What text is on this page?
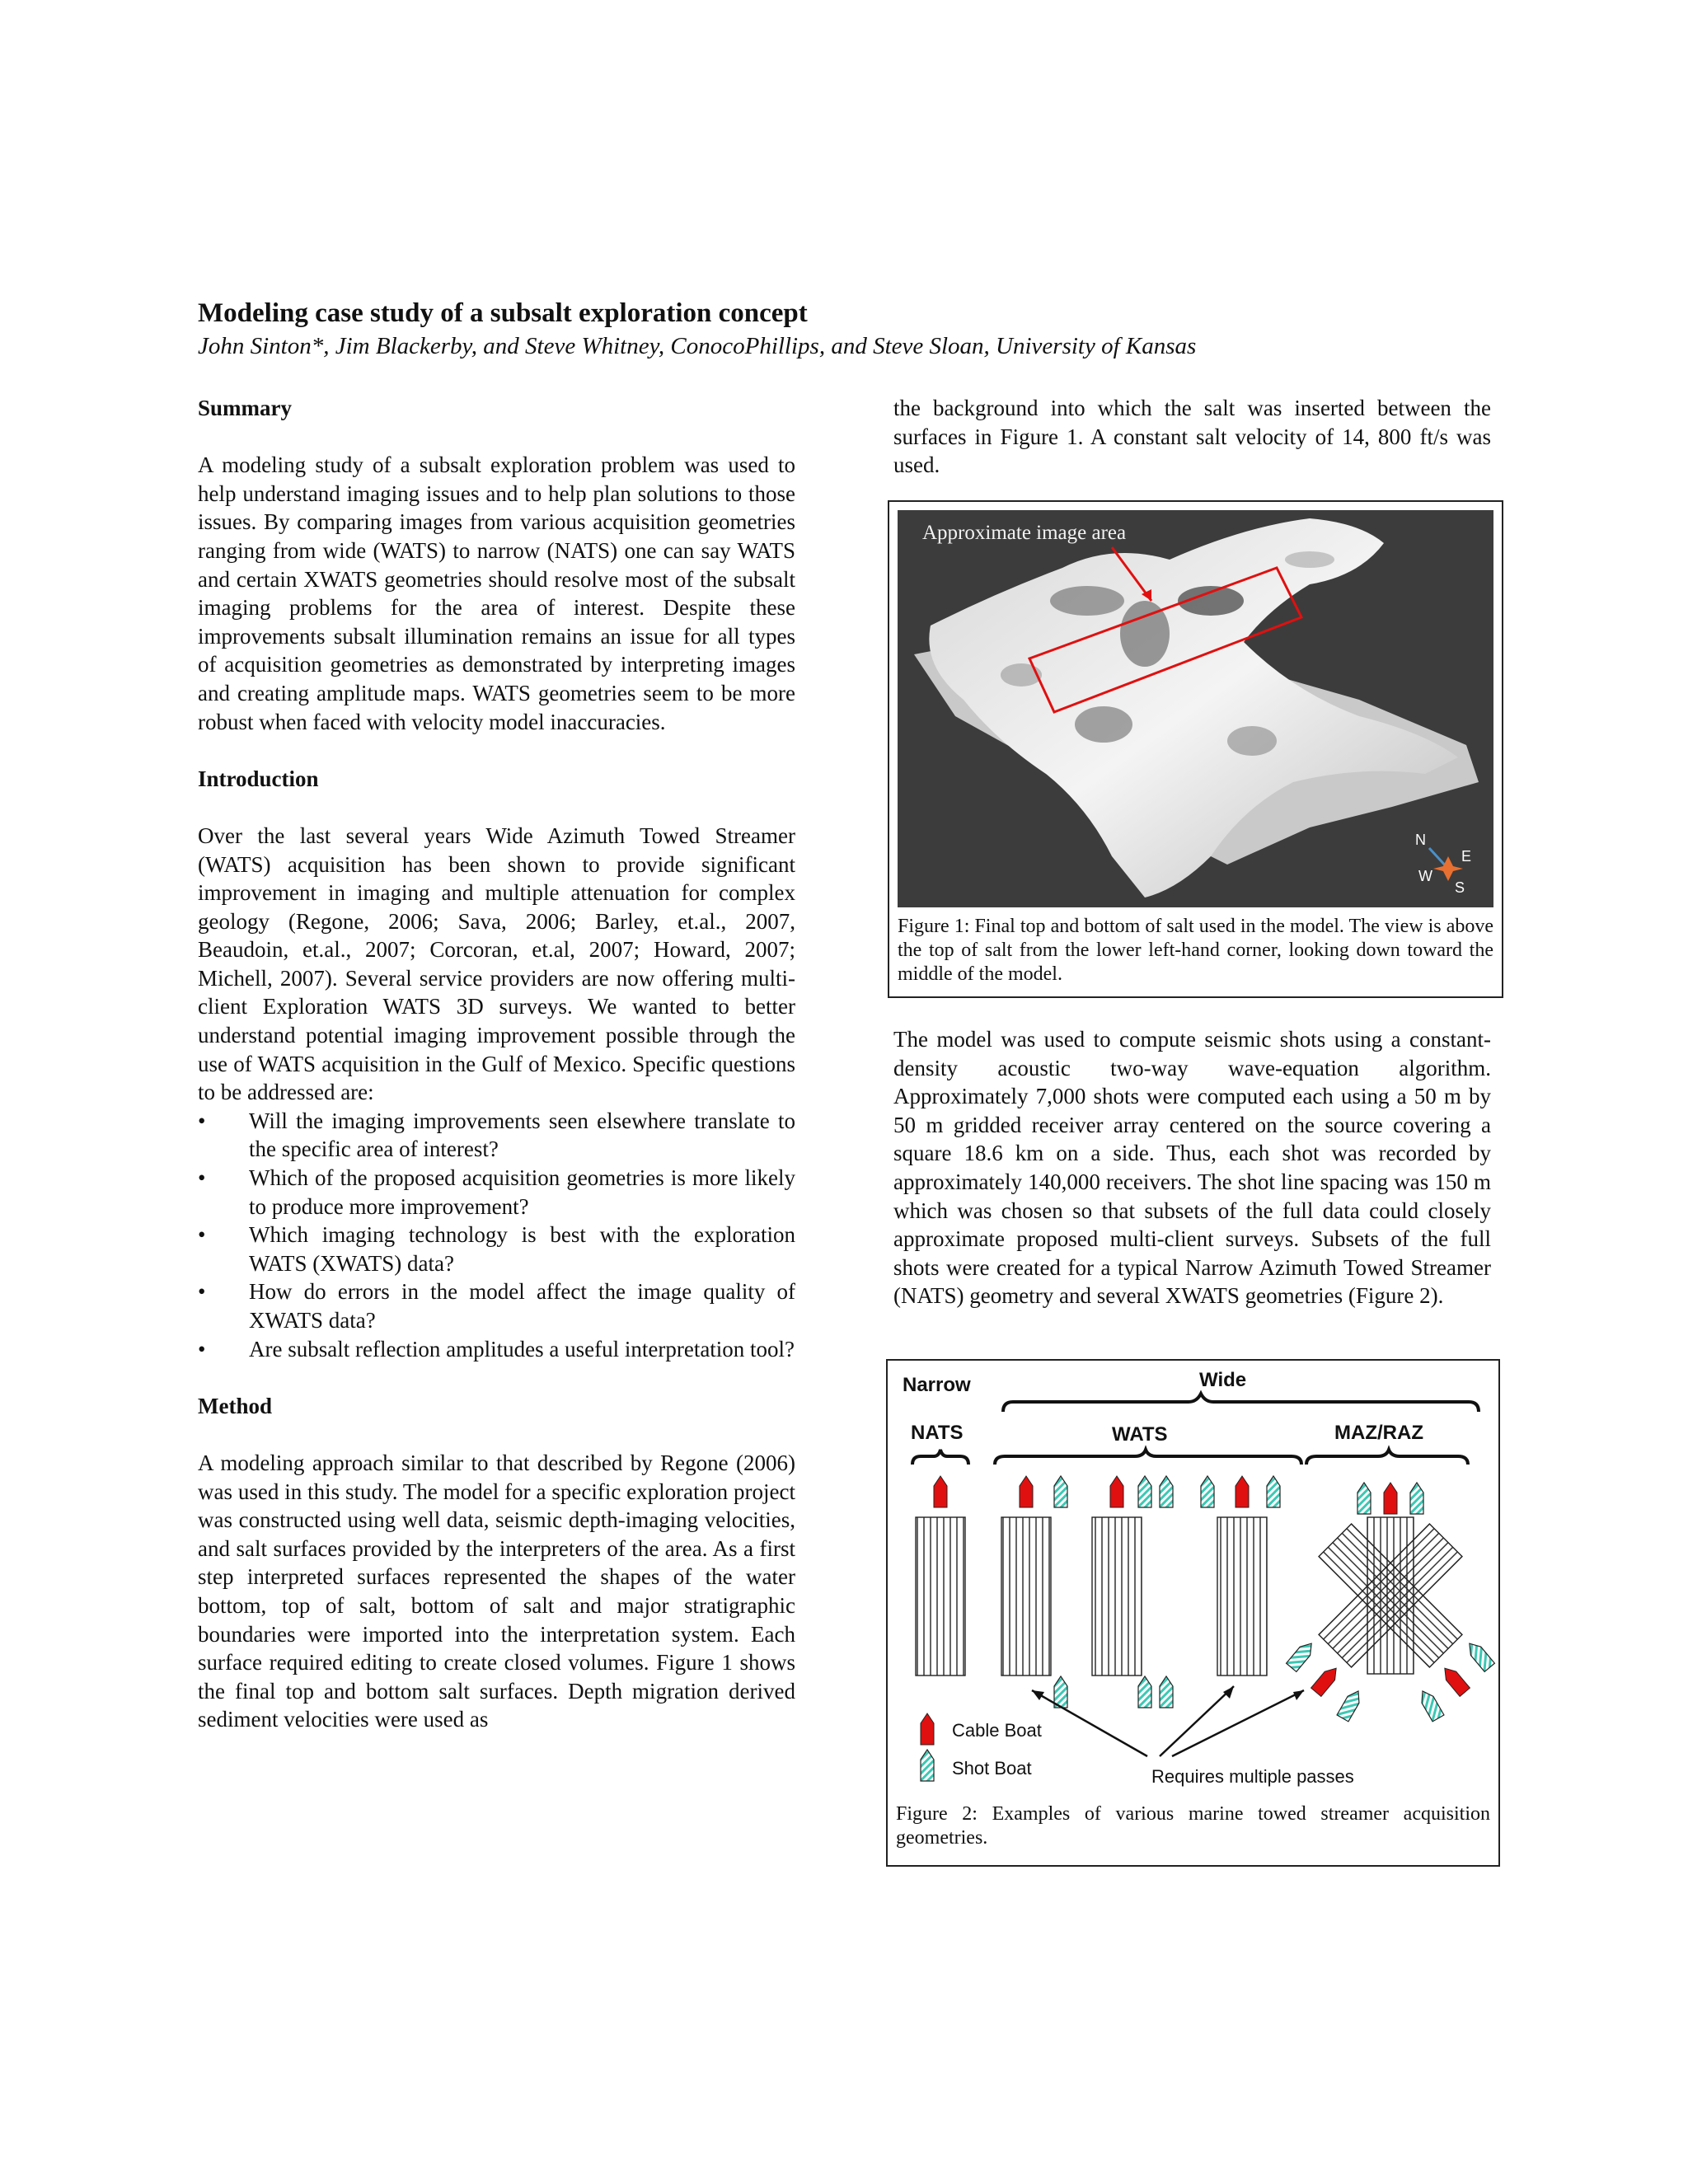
Modeling case study of a subsalt exploration concept
John Sinton*, Jim Blackerby, and Steve Whitney, ConocoPhillips, and Steve Sloan, University of Kansas
Summary

A modeling study of a subsalt exploration problem was used to help understand imaging issues and to help plan solutions to those issues. By comparing images from various acquisition geometries ranging from wide (WATS) to narrow (NATS) one can say WATS and certain XWATS geometries should resolve most of the subsalt imaging problems for the area of interest. Despite these improvements subsalt illumination remains an issue for all types of acquisition geometries as demonstrated by interpreting images and creating amplitude maps. WATS geometries seem to be more robust when faced with velocity model inaccuracies.

Introduction

Over the last several years Wide Azimuth Towed Streamer (WATS) acquisition has been shown to provide significant improvement in imaging and multiple attenuation for complex geology (Regone, 2006; Sava, 2006; Barley, et.al., 2007, Beaudoin, et.al., 2007; Corcoran, et.al, 2007; Howard, 2007; Michell, 2007). Several service providers are now offering multi-client Exploration WATS 3D surveys. We wanted to better understand potential imaging improvement possible through the use of WATS acquisition in the Gulf of Mexico. Specific questions to be addressed are:

• Will the imaging improvements seen elsewhere translate to the specific area of interest?
• Which of the proposed acquisition geometries is more likely to produce more improvement?
• Which imaging technology is best with the exploration WATS (XWATS) data?
• How do errors in the model affect the image quality of XWATS data?
• Are subsalt reflection amplitudes a useful interpretation tool?
Method

A modeling approach similar to that described by Regone (2006) was used in this study. The model for a specific exploration project was constructed using well data, seismic depth-imaging velocities, and salt surfaces provided by the interpreters of the area. As a first step interpreted surfaces represented the shapes of the water bottom, top of salt, bottom of salt and major stratigraphic boundaries were imported into the interpretation system. Each surface required editing to create closed volumes. Figure 1 shows the final top and bottom salt surfaces. Depth migration derived sediment velocities were used as

the background into which the salt was inserted between the surfaces in Figure 1. A constant salt velocity of 14, 800 ft/s was used.

The model was used to compute seismic shots using a constant-density acoustic two-way wave-equation algorithm. Approximately 7,000 shots were computed each using a 50 m by 50 m gridded receiver array centered on the source covering a square 18.6 km on a side. Thus, each shot was recorded by approximately 140,000 receivers. The shot line spacing was 150 m which was chosen so that subsets of the full data could closely approximate proposed multi-client surveys. Subsets of the full shots were created for a typical Narrow Azimuth Towed Streamer (NATS) geometry and several XWATS geometries (Figure 2).

Approximate image area
N
E
W
S
Figure 1: Final top and bottom of salt used in the model. The view is above the top of salt from the lower left-hand corner, looking down toward the middle of the model.
Narrow	Wide
NATS	WATS	MAZ/RAZ
Cable Boat
Shot Boat	Requires multiple passes
Figure 2: Examples of various marine towed streamer acquisition geometries.
